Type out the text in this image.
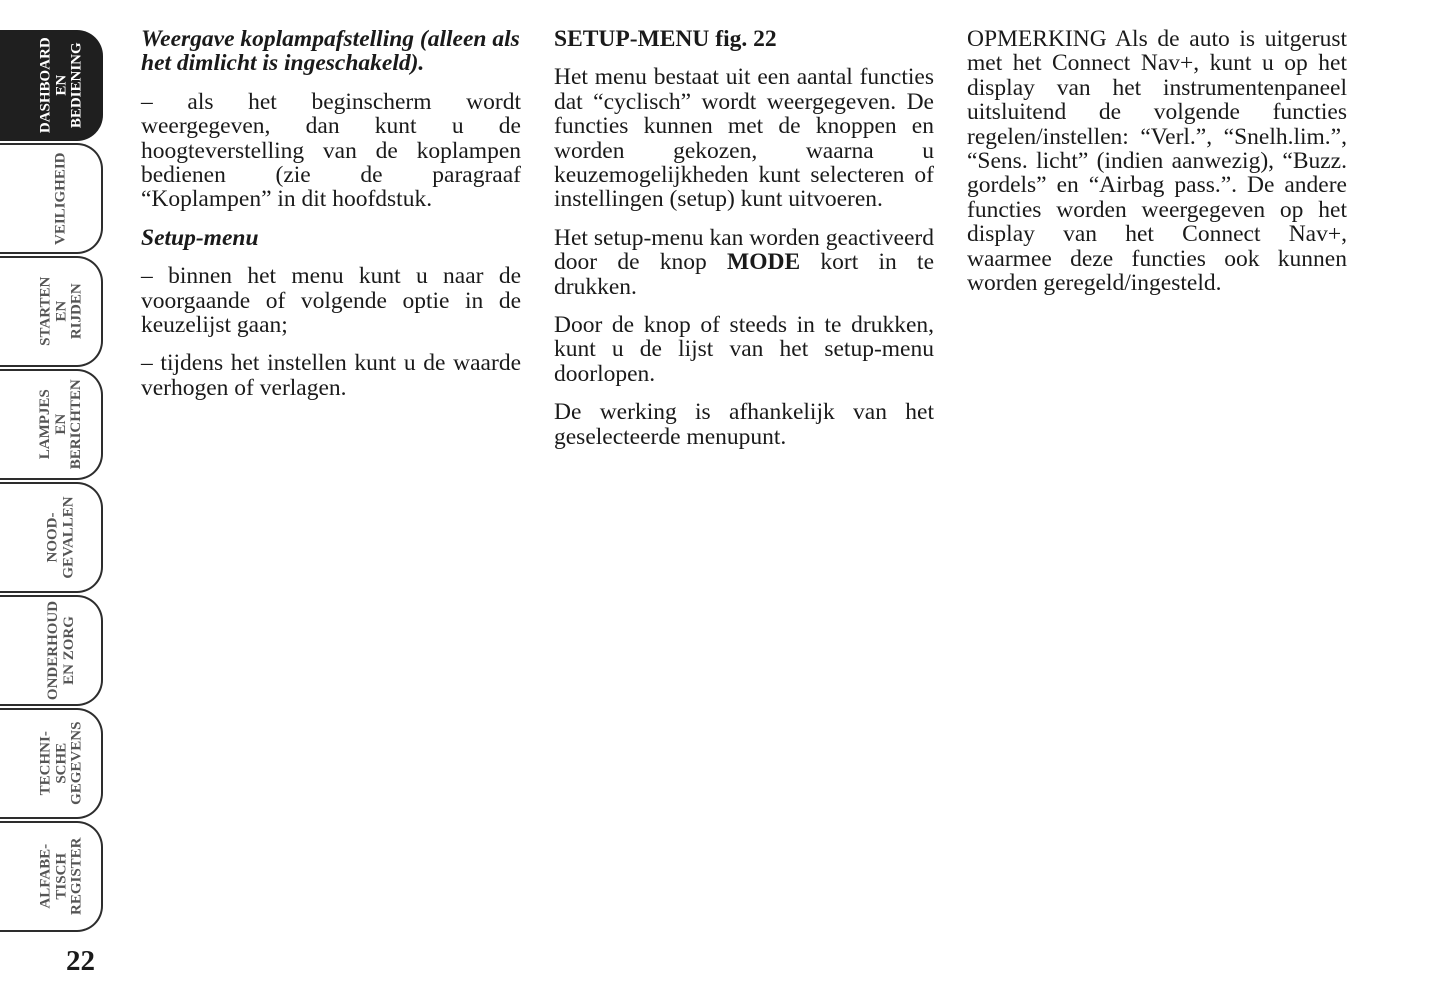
DASHBOARD
EN
BEDIENING
VEILIGHEID
STARTEN
EN RIJDEN
LAMPJES EN
BERICHTEN
NOOD-
GEVALLEN
ONDERHOUD
EN ZORG
TECHNI-
SCHE
GEGEVENS
ALFABE-
TISCH
REGISTER
22

Weergave koplampafstelling (alleen als het dimlicht is ingeschakeld).

– als het beginscherm wordt weergegeven, dan kunt u de hoogteverstelling van de koplampen bedienen (zie de paragraaf “Koplampen” in dit hoofdstuk.

Setup-menu

– binnen het menu kunt u naar de voorgaande of volgende optie in de keuzelijst gaan;

– tijdens het instellen kunt u de waarde verhogen of verlagen.

SETUP-MENU fig. 22

Het menu bestaat uit een aantal functies dat “cyclisch” wordt weergegeven. De functies kunnen met de knoppen en worden gekozen, waarna u keuzemogelijkheden kunt selecteren of instellingen (setup) kunt uitvoeren.

Het setup-menu kan worden geactiveerd door de knop MODE kort in te drukken.

Door de knop of steeds in te drukken, kunt u de lijst van het setup-menu doorlopen.

De werking is afhankelijk van het geselecteerde menupunt.

OPMERKING Als de auto is uitgerust met het Connect Nav+, kunt u op het display van het instrumentenpaneel uitsluitend de volgende functies regelen/instellen: “Verl.”, “Snelh.lim.”, “Sens. licht” (indien aanwezig), “Buzz. gordels” en “Airbag pass.”. De andere functies worden weergegeven op het display van het Connect Nav+, waarmee deze functies ook kunnen worden geregeld/ingesteld.
